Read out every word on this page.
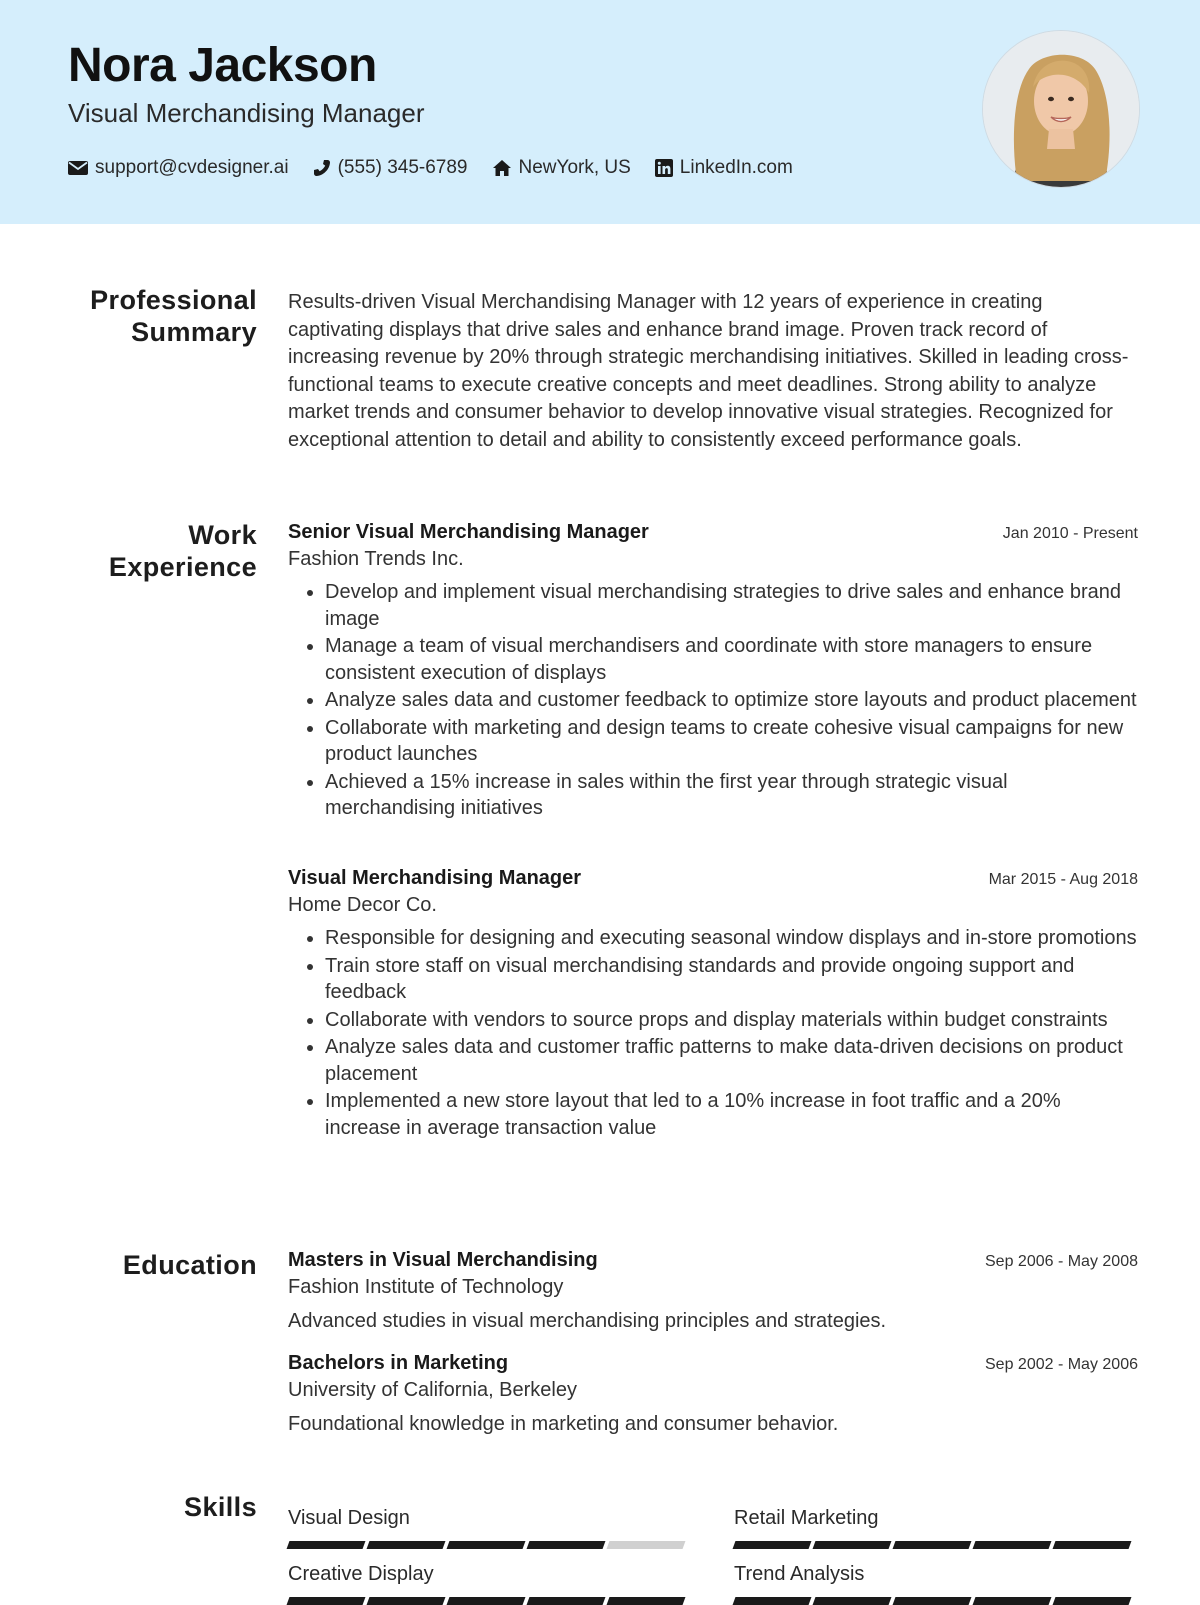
Nora Jackson
Visual Merchandising Manager
support@cvdesigner.ai	(555) 345-6789	NewYork, US	LinkedIn.com
Professional
Summary

Results-driven Visual Merchandising Manager with 12 years of experience in creating captivating displays that drive sales and enhance brand image. Proven track record of increasing revenue by 20% through strategic merchandising initiatives. Skilled in leading cross-functional teams to execute creative concepts and meet deadlines. Strong ability to analyze market trends and consumer behavior to develop innovative visual strategies. Recognized for exceptional attention to detail and ability to consistently exceed performance goals.

Work
Experience
Senior Visual Merchandising Manager	Jan 2010 - Present
Fashion Trends Inc.
• Develop and implement visual merchandising strategies to drive sales and enhance brand image
• Manage a team of visual merchandisers and coordinate with store managers to ensure consistent execution of displays
• Analyze sales data and customer feedback to optimize store layouts and product placement
• Collaborate with marketing and design teams to create cohesive visual campaigns for new product launches
• Achieved a 15% increase in sales within the first year through strategic visual merchandising initiatives
Visual Merchandising Manager	Mar 2015 - Aug 2018
Home Decor Co.
• Responsible for designing and executing seasonal window displays and in-store promotions
• Train store staff on visual merchandising standards and provide ongoing support and feedback
• Collaborate with vendors to source props and display materials within budget constraints
• Analyze sales data and customer traffic patterns to make data-driven decisions on product placement
• Implemented a new store layout that led to a 10% increase in foot traffic and a 20% increase in average transaction value
Education Masters in Visual Merchandising	Sep 2006 - May 2008
Fashion Institute of Technology
Advanced studies in visual merchandising principles and strategies.
Bachelors in Marketing	Sep 2002 - May 2006
University of California, Berkeley
Foundational knowledge in marketing and consumer behavior.
Skills Visual Design	Retail Marketing
Creative Display	Trend Analysis
